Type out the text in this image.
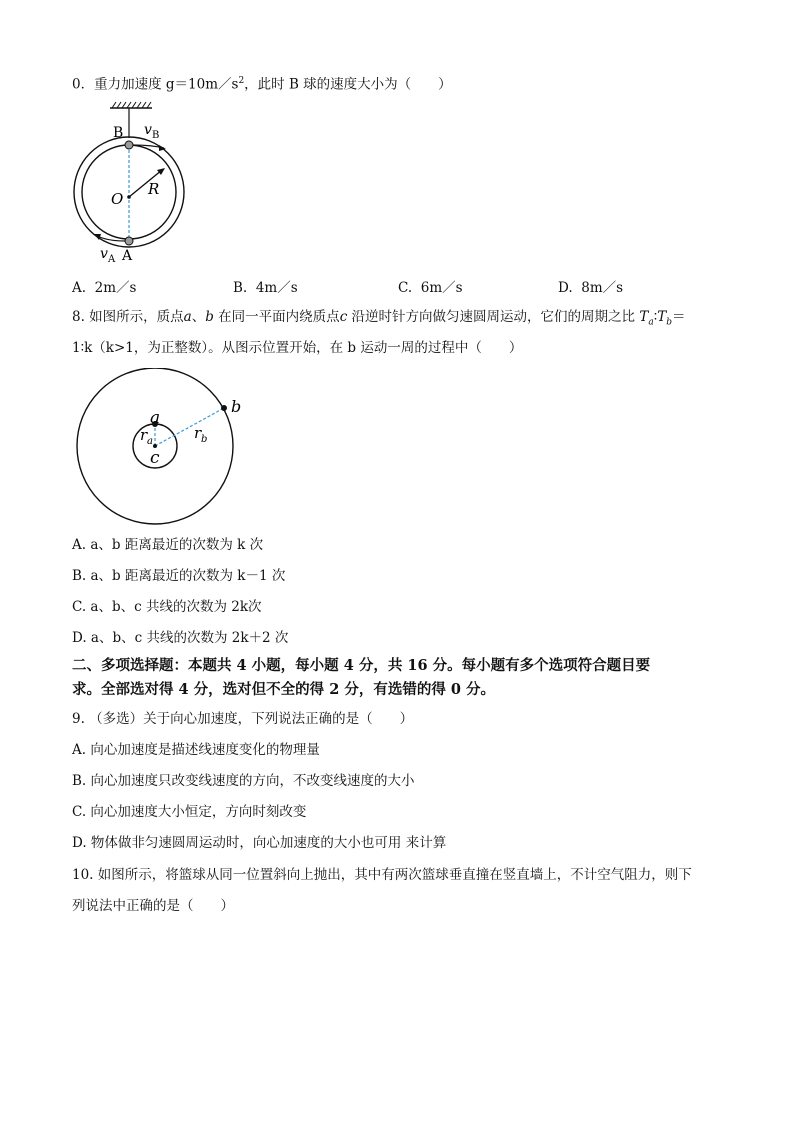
0．重力加速度 $g=10m/s^2$，此时 B 球的速度大小为（　　）
B v B
O
R
v A A
A. 2m／s	B. 4m／s	C. 6m／s	D. 8m／s
8. 如图所示，质点a、b 在同一平面内绕质点c 沿逆时针方向做匀速圆周运动，它们的周期之比 $T_a∶T_b=$
1∶k（k>1，为正整数）。从图示位置开始，在 b 运动一周的过程中（　　）
a
b
c
r a	r b
A. a、b 距离最近的次数为 k 次
B. a、b 距离最近的次数为 k－1 次
C. a、b、c 共线的次数为 2k次
D. a、b、c 共线的次数为 2k＋2 次
二、多项选择题：本题共 4 小题，每小题 4 分，共 16 分。每小题有多个选项符合题目要
求。全部选对得 4 分，选对但不全的得 2 分，有选错的得 0 分。
9. （多选）关于向心加速度，下列说法正确的是（　　）
A. 向心加速度是描述线速度变化的物理量
B. 向心加速度只改变线速度的方向，不改变线速度的大小
C. 向心加速度大小恒定，方向时刻改变
D. 物体做非匀速圆周运动时，向心加速度的大小也可用 来计算
10. 如图所示，将篮球从同一位置斜向上抛出，其中有两次篮球垂直撞在竖直墙上，不计空气阻力，则下
列说法中正确的是（　　）
